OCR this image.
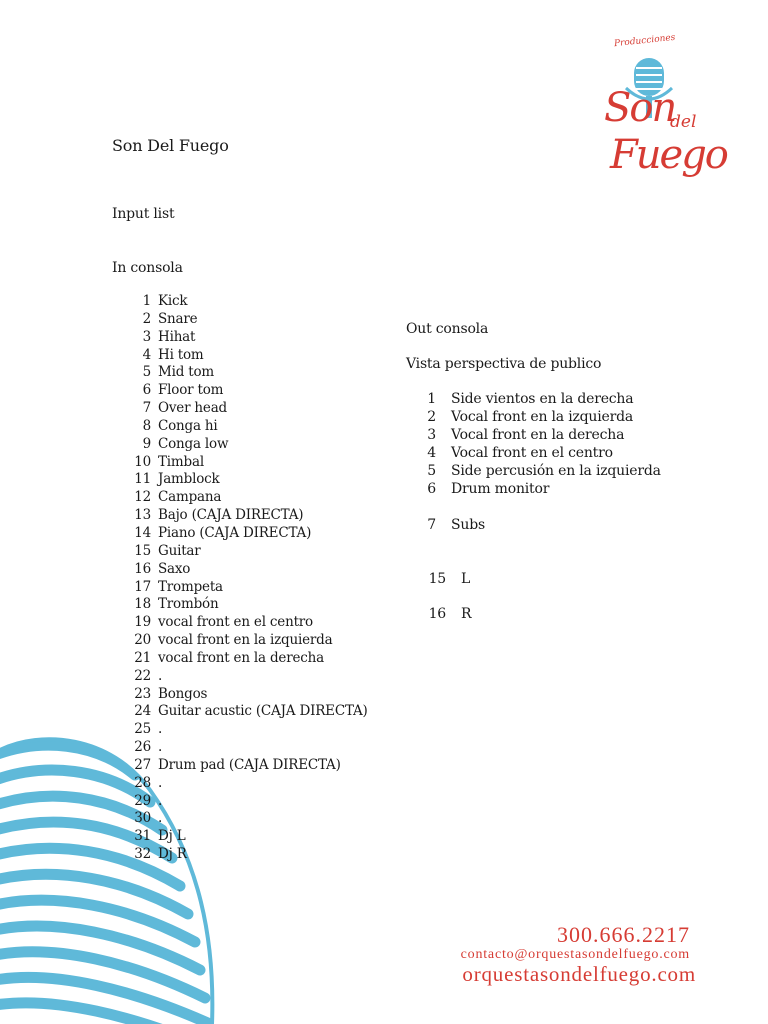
Producciones
Son
del
Fuego
Son Del Fuego
Input list
In consola
1 Kick
2 Snare
3 Hihat
4 Hi tom
5 Mid tom
6 Floor tom
7 Over head
8 Conga hi
9 Conga low
10 Timbal
11 Jamblock
12 Campana
13 Bajo (CAJA DIRECTA)
14 Piano (CAJA DIRECTA)
15 Guitar
16 Saxo
17 Trompeta
18 Trombón
19 vocal front en el centro
20 vocal front en la izquierda
21 vocal front en la derecha
22 .
23 Bongos
24 Guitar acustic (CAJA DIRECTA)
25 .
26 .
27 Drum pad (CAJA DIRECTA)
28 .
29 .
30 .
31 Dj L
32 Dj R
Out consola
Vista perspectiva de publico
1 Side vientos en la derecha
2 Vocal front en la izquierda
3 Vocal front en la derecha
4 Vocal front en el centro
5 Side percusión en la izquierda
6 Drum monitor
7 Subs
15 L
16 R
300.666.2217
contacto@orquestasondelfuego.com
orquestasondelfuego.com
